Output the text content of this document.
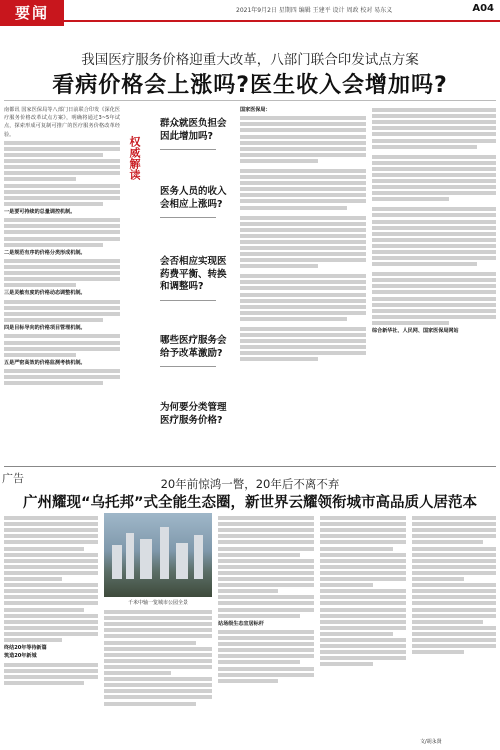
要闻	2021年9月2日 星期四 编辑 王建平 设计 周政 校对 易东义	A04
我国医疗服务价格迎重大改革，八部门联合印发试点方案
看病价格会上涨吗?医生收入会增加吗?
南都讯 国家医保局等八部门日前联合印发《深化医疗服务价格改革试点方案》，明确将通过3~5年试点，探索形成可复制可推广的医疗服务价格改革经验。
一是要可持续的总量调控机制。
二是规范有序的价格分类形成机制。
三是灵敏有度的价格动态调整机制。
四是目标导向的价格项目管理机制。
五是严密高效的价格监测考核机制。
权威解读
群众就医负担会因此增加吗?
医务人员的收入会相应上涨吗?
会否相应实现医药费平衡、转换和调整吗?
哪些医疗服务会给予改革激励?
为何要分类管理医疗服务价格?
国家医保局：
综合新华社、人民网、国家医保局网站
广告	20年前惊鸿一瞥，20年后不离不弃
广州耀现“乌托邦”式全能生态圈，新世界云耀领衔城市高品质人居范本
终结20年等待新篇
筑造20年新城
千米中轴一览城市公园全景
站场级生态宜居标杆
文/胡永贤
